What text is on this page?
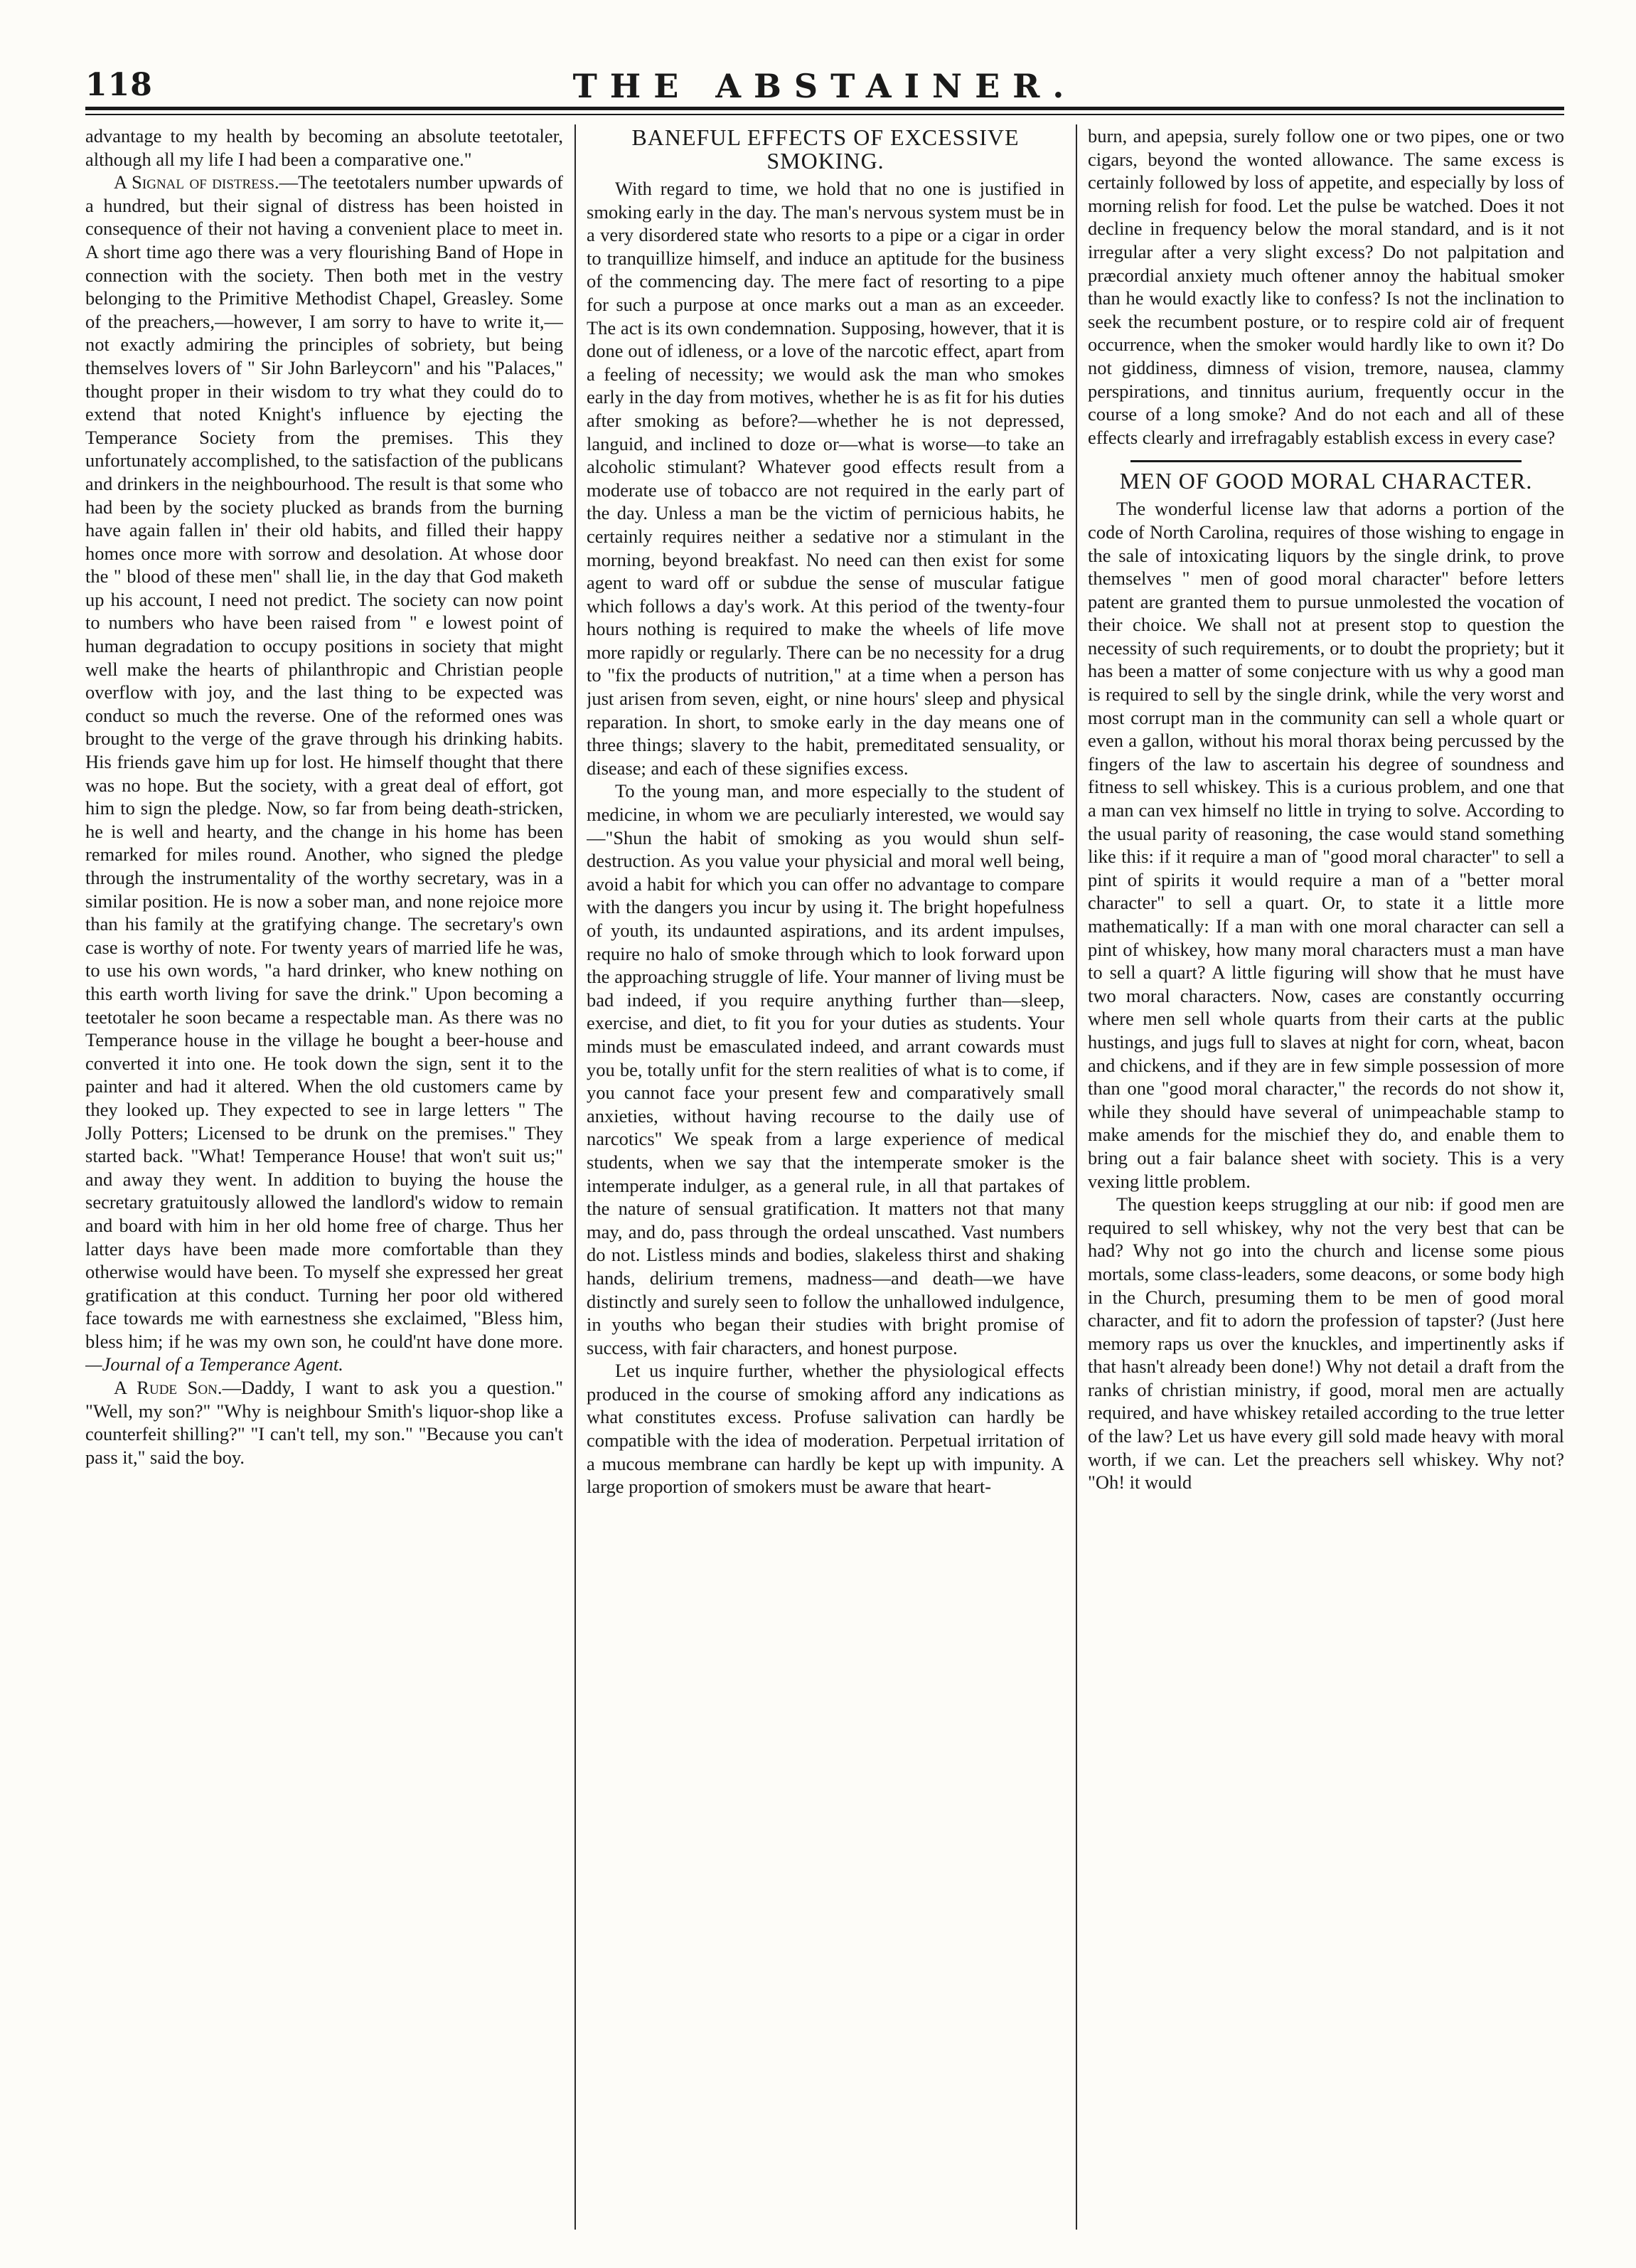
118	THE ABSTAINER.

advantage to my health by becoming an absolute teetotaler, although all my life I had been a comparative one."

A Signal of distress.—The teetotalers number upwards of a hundred, but their signal of distress has been hoisted in consequence of their not having a convenient place to meet in. A short time ago there was a very flourishing Band of Hope in connection with the society. Then both met in the vestry belonging to the Primitive Methodist Chapel, Greasley. Some of the preachers,—however, I am sorry to have to write it,—not exactly admiring the principles of sobriety, but being themselves lovers of " Sir John Barleycorn" and his "Palaces," thought proper in their wisdom to try what they could do to extend that noted Knight's influence by ejecting the Temperance Society from the premises. This they unfortunately accomplished, to the satisfaction of the publicans and drinkers in the neighbourhood. The result is that some who had been by the society plucked as brands from the burning have again fallen in' their old habits, and filled their happy homes once more with sorrow and desolation. At whose door the " blood of these men" shall lie, in the day that God maketh up his account, I need not predict. The society can now point to numbers who have been raised from " e lowest point of human degradation to occupy positions in society that might well make the hearts of philanthropic and Christian people overflow with joy, and the last thing to be expected was conduct so much the reverse. One of the reformed ones was brought to the verge of the grave through his drinking habits. His friends gave him up for lost. He himself thought that there was no hope. But the society, with a great deal of effort, got him to sign the pledge. Now, so far from being death-stricken, he is well and hearty, and the change in his home has been remarked for miles round. Another, who signed the pledge through the instrumentality of the worthy secretary, was in a similar position. He is now a sober man, and none rejoice more than his family at the gratifying change. The secretary's own case is worthy of note. For twenty years of married life he was, to use his own words, "a hard drinker, who knew nothing on this earth worth living for save the drink." Upon becoming a teetotaler he soon became a respectable man. As there was no Temperance house in the village he bought a beer-house and converted it into one. He took down the sign, sent it to the painter and had it altered. When the old customers came by they looked up. They expected to see in large letters " The Jolly Potters; Licensed to be drunk on the premises." They started back. "What! Temperance House! that won't suit us;" and away they went. In addition to buying the house the secretary gratuitously allowed the landlord's widow to remain and board with him in her old home free of charge. Thus her latter days have been made more comfortable than they otherwise would have been. To myself she expressed her great gratification at this conduct. Turning her poor old withered face towards me with earnestness she exclaimed, "Bless him, bless him; if he was my own son, he could'nt have done more.—Journal of a Temperance Agent.

A Rude Son.—Daddy, I want to ask you a question." "Well, my son?" "Why is neighbour Smith's liquor-shop like a counterfeit shilling?" "I can't tell, my son." "Because you can't pass it," said the boy.

BANEFUL EFFECTS OF EXCESSIVE SMOKING.

With regard to time, we hold that no one is justified in smoking early in the day. The man's nervous system must be in a very disordered state who resorts to a pipe or a cigar in order to tranquillize himself, and induce an aptitude for the business of the commencing day. The mere fact of resorting to a pipe for such a purpose at once marks out a man as an exceeder. The act is its own condemnation. Supposing, however, that it is done out of idleness, or a love of the narcotic effect, apart from a feeling of necessity; we would ask the man who smokes early in the day from motives, whether he is as fit for his duties after smoking as before?—whether he is not depressed, languid, and inclined to doze or—what is worse—to take an alcoholic stimulant? Whatever good effects result from a moderate use of tobacco are not required in the early part of the day. Unless a man be the victim of pernicious habits, he certainly requires neither a sedative nor a stimulant in the morning, beyond breakfast. No need can then exist for some agent to ward off or subdue the sense of muscular fatigue which follows a day's work. At this period of the twenty-four hours nothing is required to make the wheels of life move more rapidly or regularly. There can be no necessity for a drug to "fix the products of nutrition," at a time when a person has just arisen from seven, eight, or nine hours' sleep and physical reparation. In short, to smoke early in the day means one of three things; slavery to the habit, premeditated sensuality, or disease; and each of these signifies excess.

To the young man, and more especially to the student of medicine, in whom we are peculiarly interested, we would say—"Shun the habit of smoking as you would shun self-destruction. As you value your physicial and moral well being, avoid a habit for which you can offer no advantage to compare with the dangers you incur by using it. The bright hopefulness of youth, its undaunted aspirations, and its ardent impulses, require no halo of smoke through which to look forward upon the approaching struggle of life. Your manner of living must be bad indeed, if you require anything further than—sleep, exercise, and diet, to fit you for your duties as students. Your minds must be emasculated indeed, and arrant cowards must you be, totally unfit for the stern realities of what is to come, if you cannot face your present few and comparatively small anxieties, without having recourse to the daily use of narcotics" We speak from a large experience of medical students, when we say that the intemperate smoker is the intemperate indulger, as a general rule, in all that partakes of the nature of sensual gratification. It matters not that many may, and do, pass through the ordeal unscathed. Vast numbers do not. Listless minds and bodies, slakeless thirst and shaking hands, delirium tremens, madness—and death—we have distinctly and surely seen to follow the unhallowed indulgence, in youths who began their studies with bright promise of success, with fair characters, and honest purpose.

Let us inquire further, whether the physiological effects produced in the course of smoking afford any indications as what constitutes excess. Profuse salivation can hardly be compatible with the idea of moderation. Perpetual irritation of a mucous membrane can hardly be kept up with impunity. A large proportion of smokers must be aware that heart-

burn, and apepsia, surely follow one or two pipes, one or two cigars, beyond the wonted allowance. The same excess is certainly followed by loss of appetite, and especially by loss of morning relish for food. Let the pulse be watched. Does it not decline in frequency below the moral standard, and is it not irregular after a very slight excess? Do not palpitation and præcordial anxiety much oftener annoy the habitual smoker than he would exactly like to confess? Is not the inclination to seek the recumbent posture, or to respire cold air of frequent occurrence, when the smoker would hardly like to own it? Do not giddiness, dimness of vision, tremore, nausea, clammy perspirations, and tinnitus aurium, frequently occur in the course of a long smoke? And do not each and all of these effects clearly and irrefragably establish excess in every case?

MEN OF GOOD MORAL CHARACTER.

The wonderful license law that adorns a portion of the code of North Carolina, requires of those wishing to engage in the sale of intoxicating liquors by the single drink, to prove themselves " men of good moral character" before letters patent are granted them to pursue unmolested the vocation of their choice. We shall not at present stop to question the necessity of such requirements, or to doubt the propriety; but it has been a matter of some conjecture with us why a good man is required to sell by the single drink, while the very worst and most corrupt man in the community can sell a whole quart or even a gallon, without his moral thorax being percussed by the fingers of the law to ascertain his degree of soundness and fitness to sell whiskey. This is a curious problem, and one that a man can vex himself no little in trying to solve. According to the usual parity of reasoning, the case would stand something like this: if it require a man of "good moral character" to sell a pint of spirits it would require a man of a "better moral character" to sell a quart. Or, to state it a little more mathematically: If a man with one moral character can sell a pint of whiskey, how many moral characters must a man have to sell a quart? A little figuring will show that he must have two moral characters. Now, cases are constantly occurring where men sell whole quarts from their carts at the public hustings, and jugs full to slaves at night for corn, wheat, bacon and chickens, and if they are in few simple possession of more than one "good moral character," the records do not show it, while they should have several of unimpeachable stamp to make amends for the mischief they do, and enable them to bring out a fair balance sheet with society. This is a very vexing little problem.

The question keeps struggling at our nib: if good men are required to sell whiskey, why not the very best that can be had? Why not go into the church and license some pious mortals, some class-leaders, some deacons, or some body high in the Church, presuming them to be men of good moral character, and fit to adorn the profession of tapster? (Just here memory raps us over the knuckles, and impertinently asks if that hasn't already been done!) Why not detail a draft from the ranks of christian ministry, if good, moral men are actually required, and have whiskey retailed according to the true letter of the law? Let us have every gill sold made heavy with moral worth, if we can. Let the preachers sell whiskey. Why not? "Oh! it would
